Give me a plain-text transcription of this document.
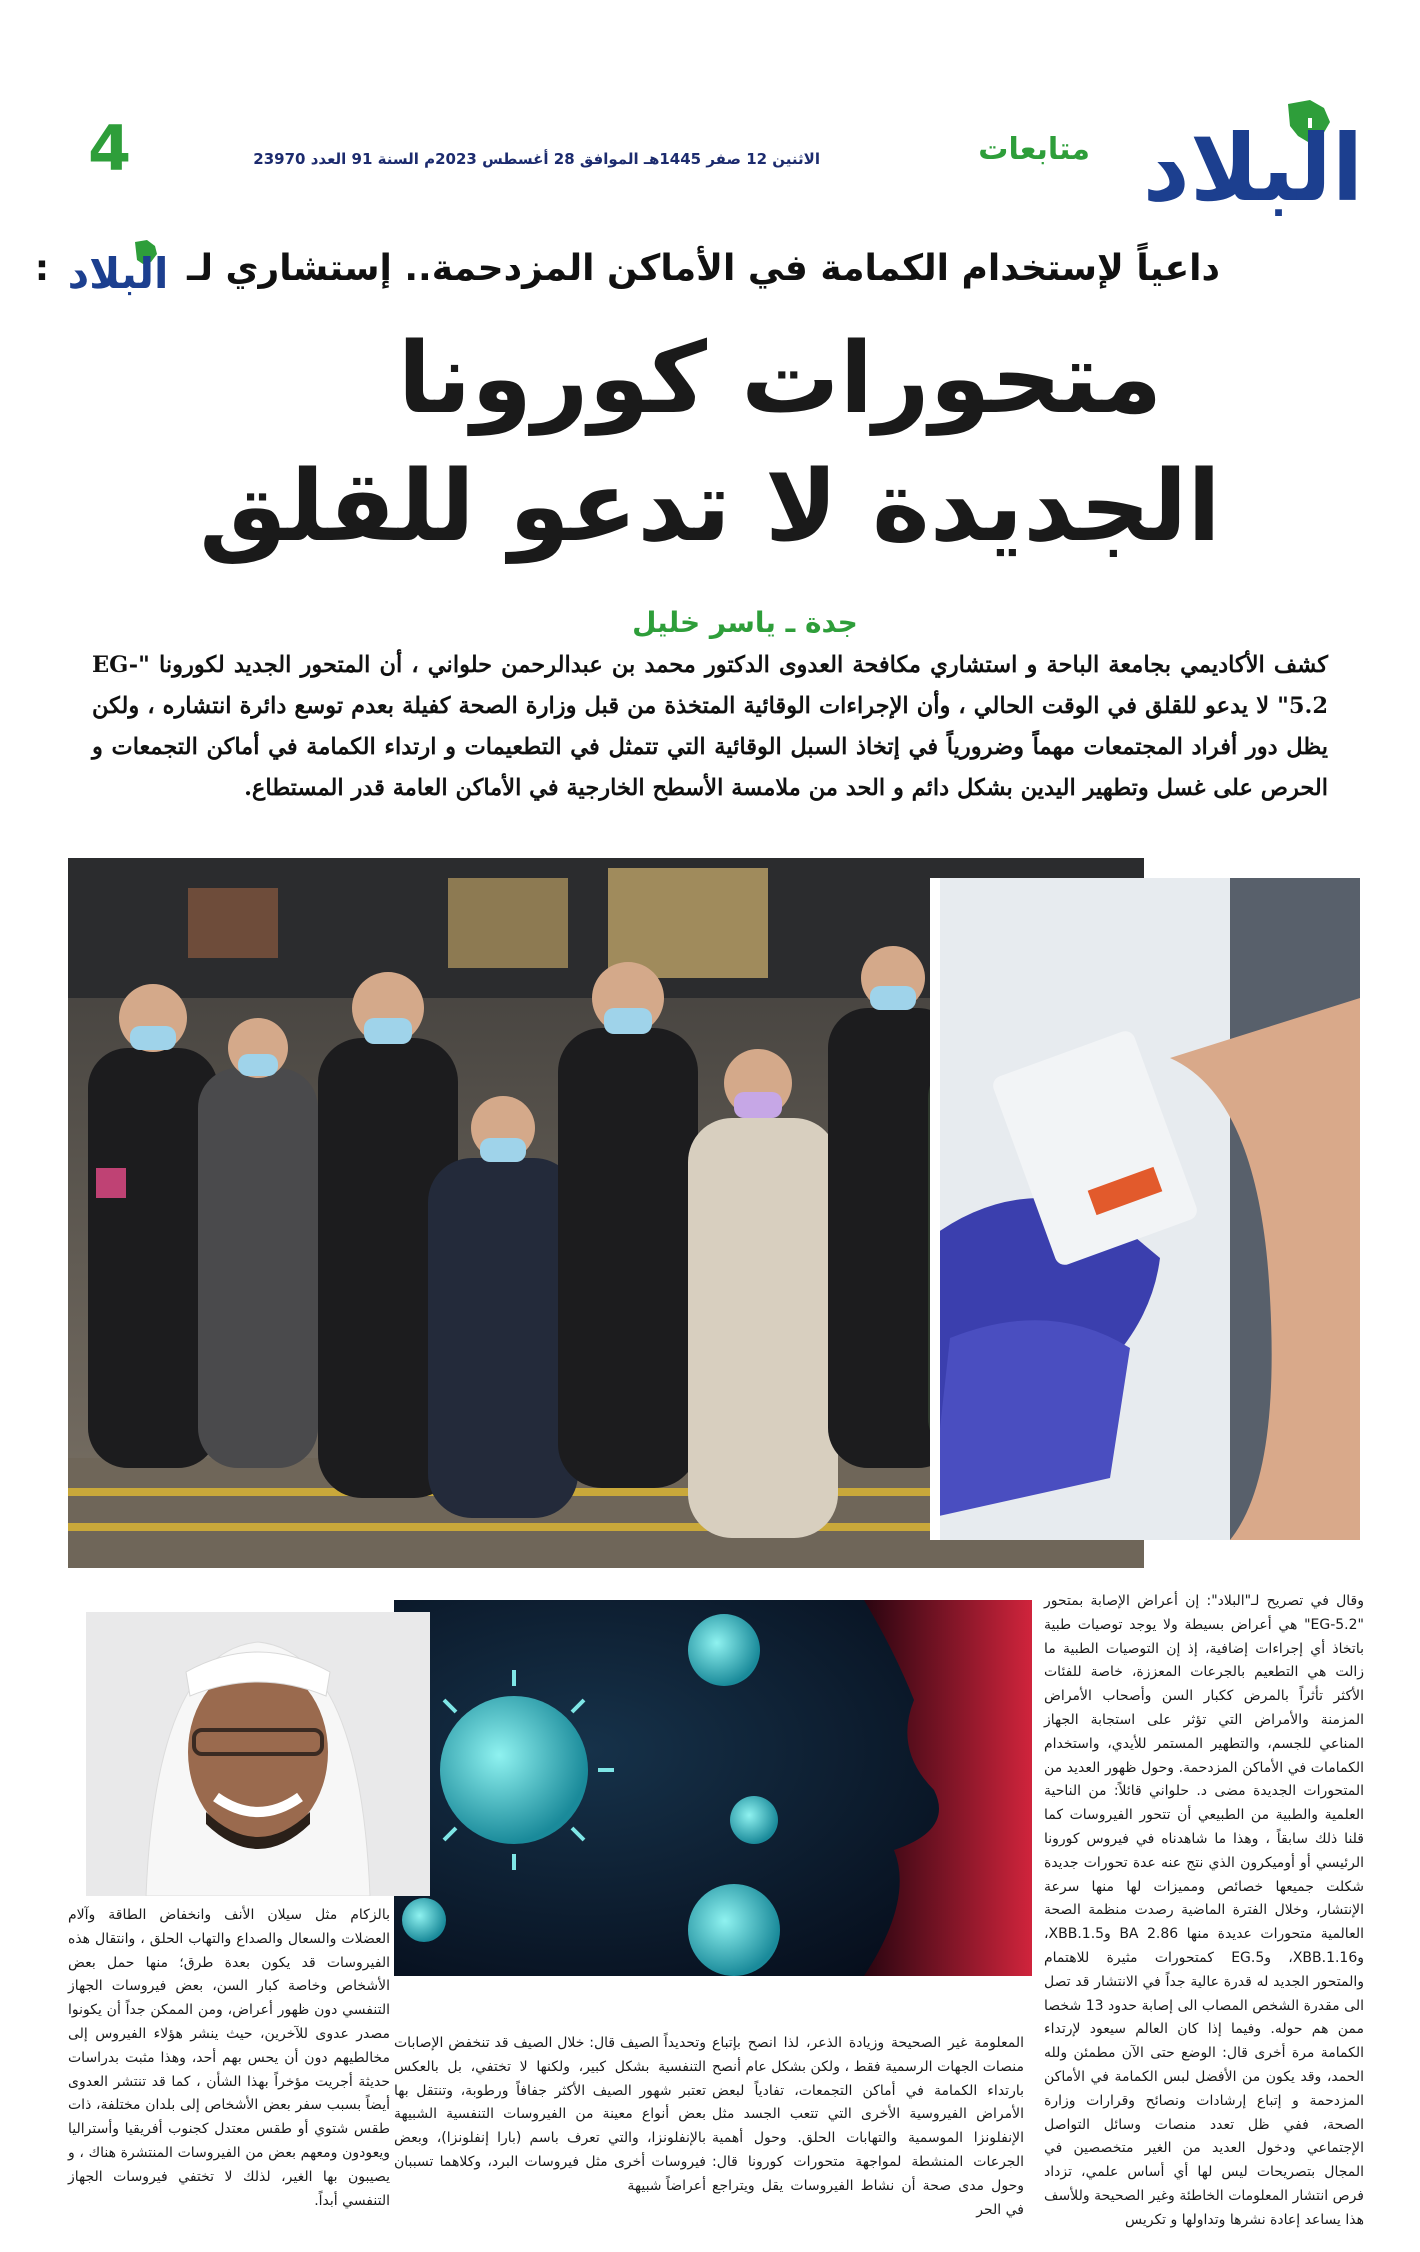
البلاد
متابعات
الاثنين 12 صفر 1445هـ الموافق 28 أغسطس 2023م السنة 91 العدد 23970
4
داعياً لإستخدام الكمامة في الأماكن المزدحمة.. إستشاري لـ
البلاد
:
متحورات كورونا
الجديدة لا تدعو للقلق
جدة ـ ياسر خليل
كشف الأكاديمي بجامعة الباحة و استشاري مكافحة العدوى الدكتور محمد بن عبدالرحمن حلواني ، أن المتحور الجديد لكورونا "EG-5.2" لا يدعو للقلق في الوقت الحالي ، وأن الإجراءات الوقائية المتخذة من قبل وزارة الصحة كفيلة بعدم توسع دائرة انتشاره ، ولكن يظل دور أفراد المجتمعات مهماً وضرورياً في إتخاذ السبل الوقائية التي تتمثل في التطعيمات و ارتداء الكمامة في أماكن التجمعات و الحرص على غسل وتطهير اليدين بشكل دائم و الحد من ملامسة الأسطح الخارجية في الأماكن العامة قدر المستطاع.
وقال في تصريح لـ"البلاد": إن أعراض الإصابة بمتحور "EG-5.2" هي أعراض بسيطة ولا يوجد توصيات طبية باتخاذ أي إجراءات إضافية، إذ إن التوصيات الطبية ما زالت هي التطعيم بالجرعات المعززة، خاصة للفئات الأكثر تأثراً بالمرض ككبار السن وأصحاب الأمراض المزمنة والأمراض التي تؤثر على استجابة الجهاز المناعي للجسم، والتطهير المستمر للأيدي، واستخدام الكمامات في الأماكن المزدحمة. وحول ظهور العديد من المتحورات الجديدة مضى د. حلواني قائلاً: من الناحية العلمية والطبية من الطبيعي أن تتحور الفيروسات كما قلنا ذلك سابقاً ، وهذا ما شاهدناه في فيروس كورونا الرئيسي أو أوميكرون الذي نتج عنه عدة تحورات جديدة شكلت جميعها خصائص ومميزات لها منها سرعة الإنتشار، وخلال الفترة الماضية رصدت منظمة الصحة العالمية متحورات عديدة منها BA 2.86 وXBB.1.5، وXBB.1.16، وEG.5 كمتحورات مثيرة للاهتمام والمتحور الجديد له قدرة عالية جداً في الانتشار قد تصل الى مقدرة الشخص المصاب الى إصابة حدود 13 شخصا ممن هم حوله. وفيما إذا كان العالم سيعود لإرتداء الكمامة مرة أخرى قال: الوضع حتى الآن مطمئن ولله الحمد، وقد يكون من الأفضل لبس الكمامة في الأماكن المزدحمة و إتباع إرشادات ونصائح وقرارات وزارة الصحة، ففي ظل تعدد منصات وسائل التواصل الإجتماعي ودخول العديد من الغير متخصصين في المجال بتصريحات ليس لها أي أساس علمي، تزداد فرص انتشار المعلومات الخاطئة وغير الصحيحة وللأسف هذا يساعد إعادة نشرها وتداولها و تكريس
المعلومة غير الصحيحة وزيادة الذعر، لذا انصح بإتباع منصات الجهات الرسمية فقط ، ولكن بشكل عام أنصح بارتداء الكمامة في أماكن التجمعات، تفادياً لبعض الأمراض الفيروسية الأخرى التي تتعب الجسد مثل الإنفلونزا الموسمية والتهابات الحلق. وحول أهمية الجرعات المنشطة لمواجهة متحورات كورونا قال: وحول مدى صحة أن نشاط الفيروسات يقل ويتراجع في الحر
وتحديداً الصيف قال: خلال الصيف قد تنخفض الإصابات التنفسية بشكل كبير، ولكنها لا تختفي، بل بالعكس تعتبر شهور الصيف الأكثر جفافاً ورطوبة، وتنتقل بها بعض أنواع معينة من الفيروسات التنفسية الشبيهة بالإنفلونزا، والتي تعرف باسم (بارا إنفلونزا)، وبعض فيروسات أخرى مثل فيروسات البرد، وكلاهما تسببان أعراضاً شبيهة
بالزكام مثل سيلان الأنف وانخفاض الطاقة وآلام العضلات والسعال والصداع والتهاب الحلق ، وانتقال هذه الفيروسات قد يكون بعدة طرق؛ منها حمل بعض الأشخاص وخاصة كبار السن، بعض فيروسات الجهاز التنفسي دون ظهور أعراض، ومن الممكن جداً أن يكونوا مصدر عدوى للآخرين، حيث ينشر هؤلاء الفيروس إلى مخالطيهم دون أن يحس بهم أحد، وهذا مثبت بدراسات حديثة أجريت مؤخراً بهذا الشأن ، كما قد تنتشر العدوى أيضاً بسبب سفر بعض الأشخاص إلى بلدان مختلفة، ذات طقس شتوي أو طقس معتدل كجنوب أفريقيا وأستراليا ويعودون ومعهم بعض من الفيروسات المنتشرة هناك ، و يصيبون بها الغير، لذلك لا تختفي فيروسات الجهاز التنفسي أبداً.
